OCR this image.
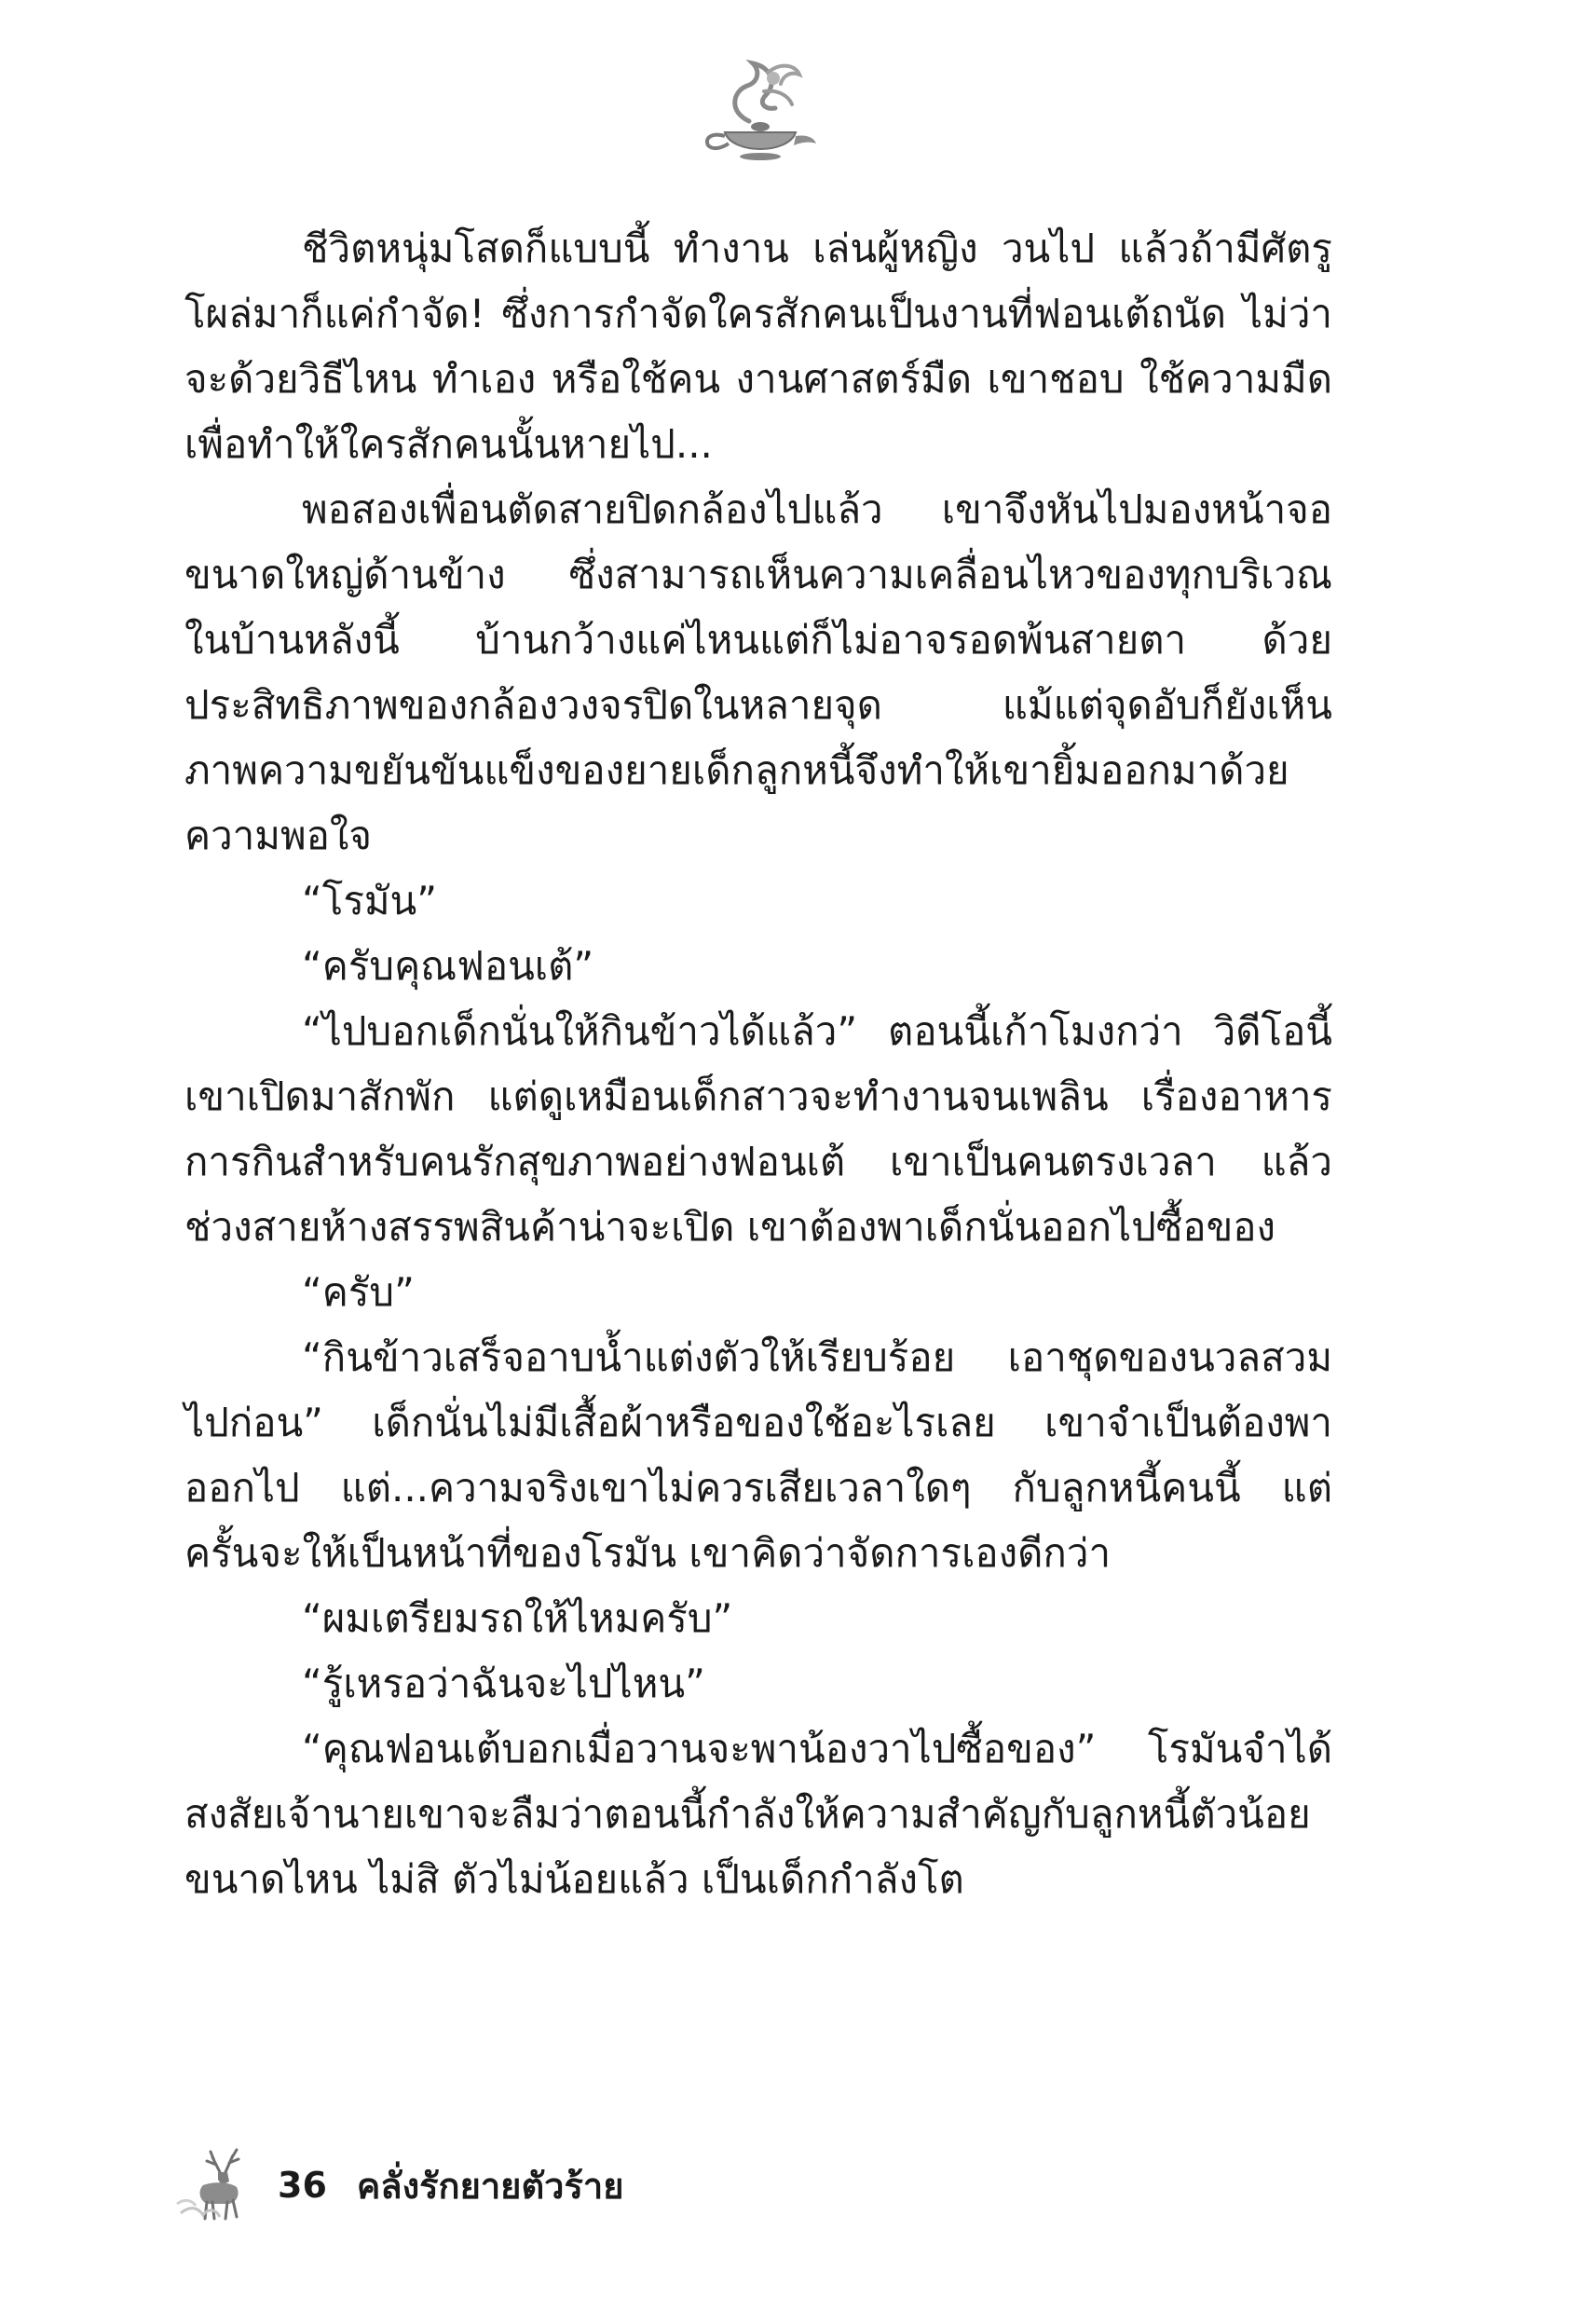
ชีวิตหนุ่มโสดก็แบบนี้ ทำงาน เล่นผู้หญิง วนไป แล้วถ้ามีศัตรู
โผล่มาก็แค่กำจัด! ซึ่งการกำจัดใครสักคนเป็นงานที่ฟอนเต้ถนัด ไม่ว่า
จะด้วยวิธีไหน ทำเอง หรือใช้คน งานศาสตร์มืด เขาชอบ ใช้ความมืด
เพื่อทำให้ใครสักคนนั้นหายไป...
พอสองเพื่อนตัดสายปิดกล้องไปแล้ว เขาจึงหันไปมองหน้าจอ
ขนาดใหญ่ด้านข้าง ซึ่งสามารถเห็นความเคลื่อนไหวของทุกบริเวณ
ในบ้านหลังนี้ บ้านกว้างแค่ไหนแต่ก็ไม่อาจรอดพ้นสายตา ด้วย
ประสิทธิภาพของกล้องวงจรปิดในหลายจุด แม้แต่จุดอับก็ยังเห็น
ภาพความขยันขันแข็งของยายเด็กลูกหนี้จึงทำให้เขายิ้มออกมาด้วย
ความพอใจ
“โรมัน”
“ครับคุณฟอนเต้”
“ไปบอกเด็กนั่นให้กินข้าวได้แล้ว” ตอนนี้เก้าโมงกว่า วิดีโอนี้
เขาเปิดมาสักพัก แต่ดูเหมือนเด็กสาวจะทำงานจนเพลิน เรื่องอาหาร
การกินสำหรับคนรักสุขภาพอย่างฟอนเต้ เขาเป็นคนตรงเวลา แล้ว
ช่วงสายห้างสรรพสินค้าน่าจะเปิด เขาต้องพาเด็กนั่นออกไปซื้อของ
“ครับ”
“กินข้าวเสร็จอาบน้ำแต่งตัวให้เรียบร้อย เอาชุดของนวลสวม
ไปก่อน” เด็กนั่นไม่มีเสื้อผ้าหรือของใช้อะไรเลย เขาจำเป็นต้องพา
ออกไป แต่...ความจริงเขาไม่ควรเสียเวลาใดๆ กับลูกหนี้คนนี้ แต่
ครั้นจะให้เป็นหน้าที่ของโรมัน เขาคิดว่าจัดการเองดีกว่า
“ผมเตรียมรถให้ไหมครับ”
“รู้เหรอว่าฉันจะไปไหน”
“คุณฟอนเต้บอกเมื่อวานจะพาน้องวาไปซื้อของ” โรมันจำได้
สงสัยเจ้านายเขาจะลืมว่าตอนนี้กำลังให้ความสำคัญกับลูกหนี้ตัวน้อย
ขนาดไหน ไม่สิ ตัวไม่น้อยแล้ว เป็นเด็กกำลังโต
36 คลั่งรักยายตัวร้าย
